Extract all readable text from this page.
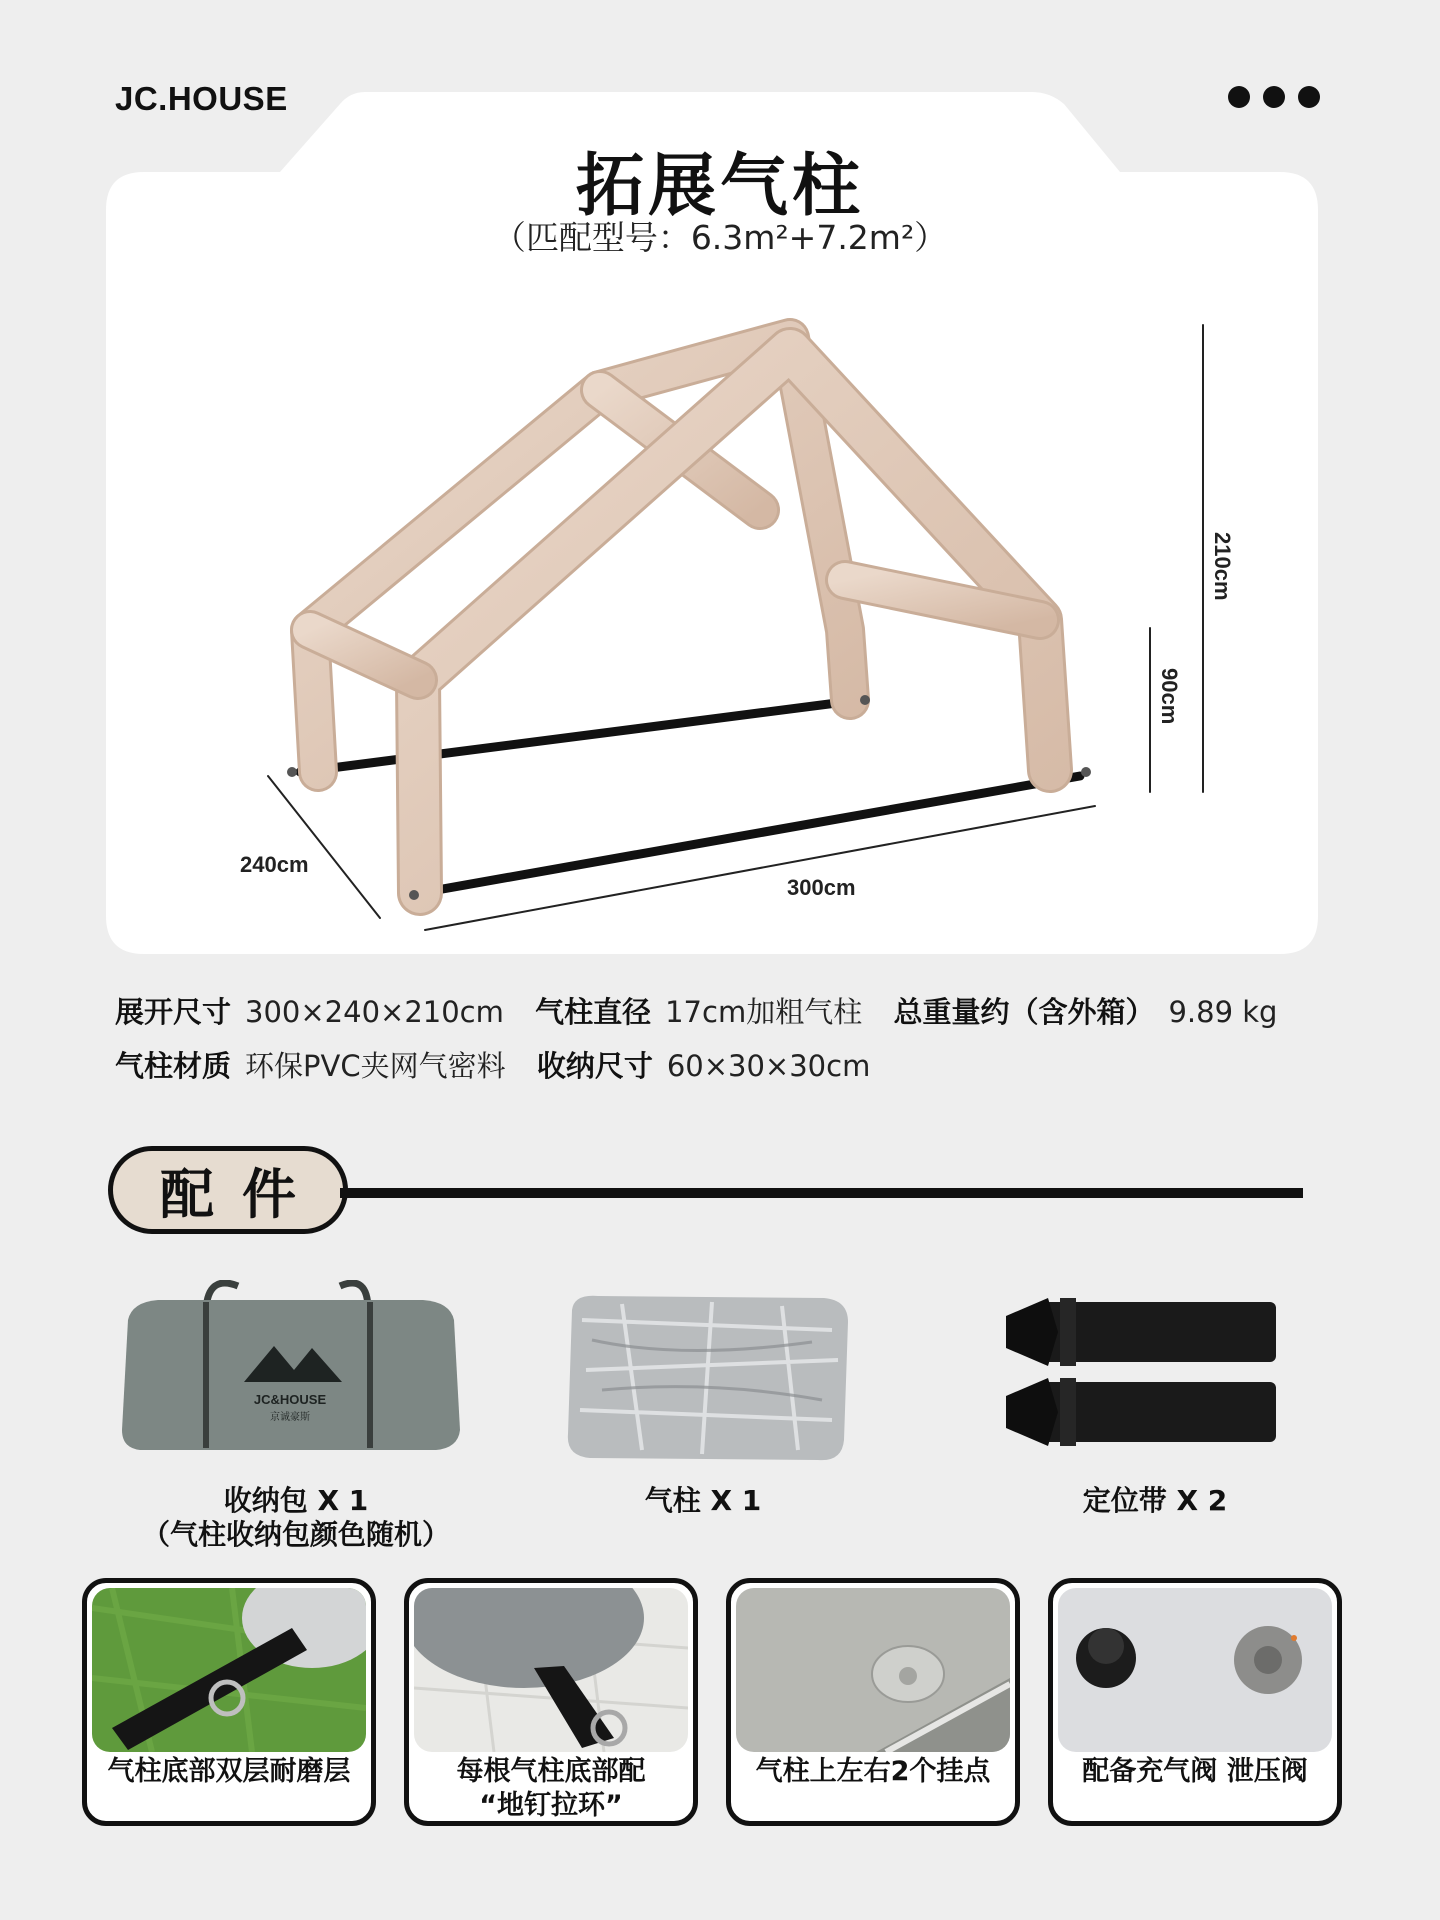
JC.HOUSE
拓展气柱
（匹配型号：6.3m²+7.2m²）
240cm
300cm
210cm
90cm
展开尺寸 300×240×210cm 气柱直径 17cm加粗气柱 总重量约（含外箱） 9.89 kg
气柱材质 环保PVC夹网气密料 收纳尺寸 60×30×30cm
配件
JC&HOUSE
京诚豪斯
收纳包 X 1
（气柱收纳包颜色随机）
气柱 X 1	定位带 X 2
气柱底部双层耐磨层	每根气柱底部配
“地钉拉环”
气柱上左右2个挂点	配备充气阀 泄压阀
